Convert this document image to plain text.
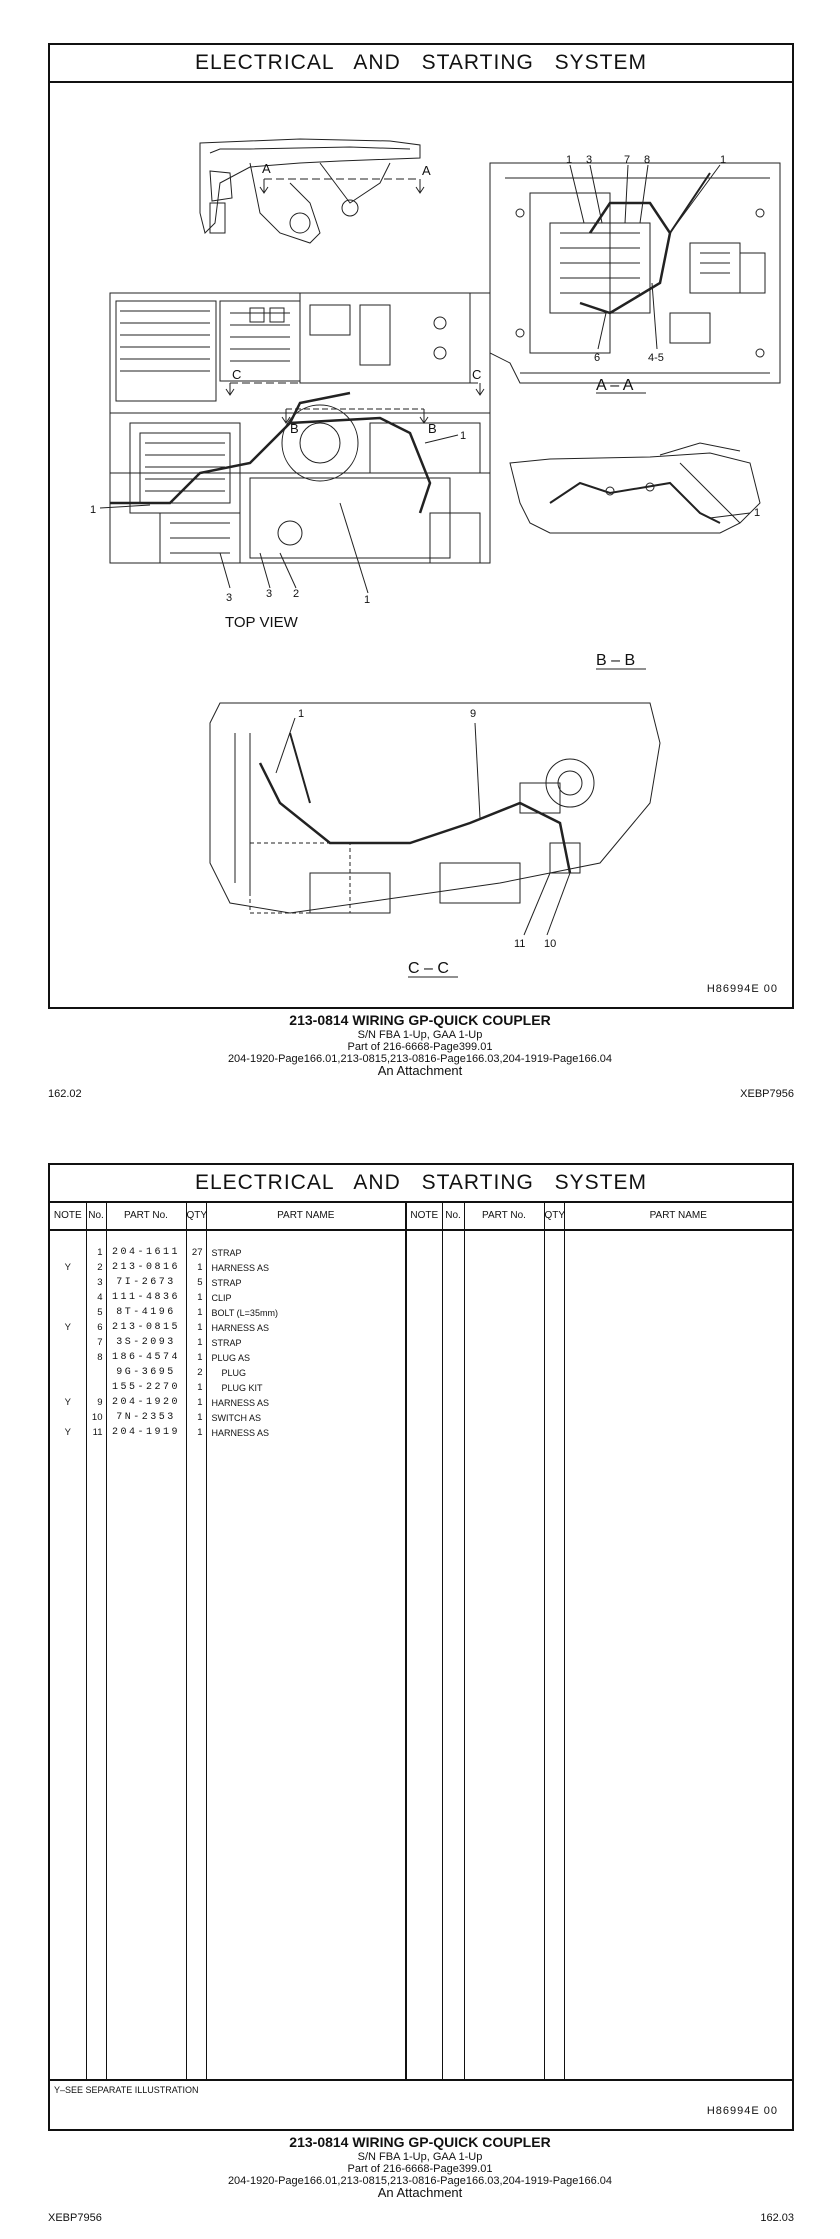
ELECTRICAL AND STARTING SYSTEM
A	A
C	C
B	B 1
1
3	3 2	1
TOP VIEW
1 3	7 8	1
6	4-5
A – A
1
B – B
1	9
11 10
C – C
H86994E 00
213-0814 WIRING GP-QUICK COUPLER
S/N FBA 1-Up, GAA 1-Up
Part of 216-6668-Page399.01
204-1920-Page166.01,213-0815,213-0816-Page166.03,204-1919-Page166.04
An Attachment
162.02	XEBP7956
ELECTRICAL AND STARTING SYSTEM
NOTE	No.	PART No.	QTY	PART NAME	NOTE	No.	PART No.	QTY	PART NAME

	1	204-1611	27	STRAP					
Y	2	213-0816	1	HARNESS AS					
	3	7I-2673	5	STRAP					
	4	111-4836	1	CLIP					
	5	8T-4196	1	BOLT (L=35mm)					
Y	6	213-0815	1	HARNESS AS					
	7	3S-2093	1	STRAP					
	8	186-4574	1	PLUG AS					
		9G-3695	2	PLUG					
		155-2270	1	PLUG KIT					
Y	9	204-1920	1	HARNESS AS					
	10	7N-2353	1	SWITCH AS					
Y	11	204-1919	1	HARNESS AS					

Y–SEE SEPARATE ILLUSTRATION
H86994E 00
213-0814 WIRING GP-QUICK COUPLER
S/N FBA 1-Up, GAA 1-Up
Part of 216-6668-Page399.01
204-1920-Page166.01,213-0815,213-0816-Page166.03,204-1919-Page166.04
An Attachment
XEBP7956	162.03
